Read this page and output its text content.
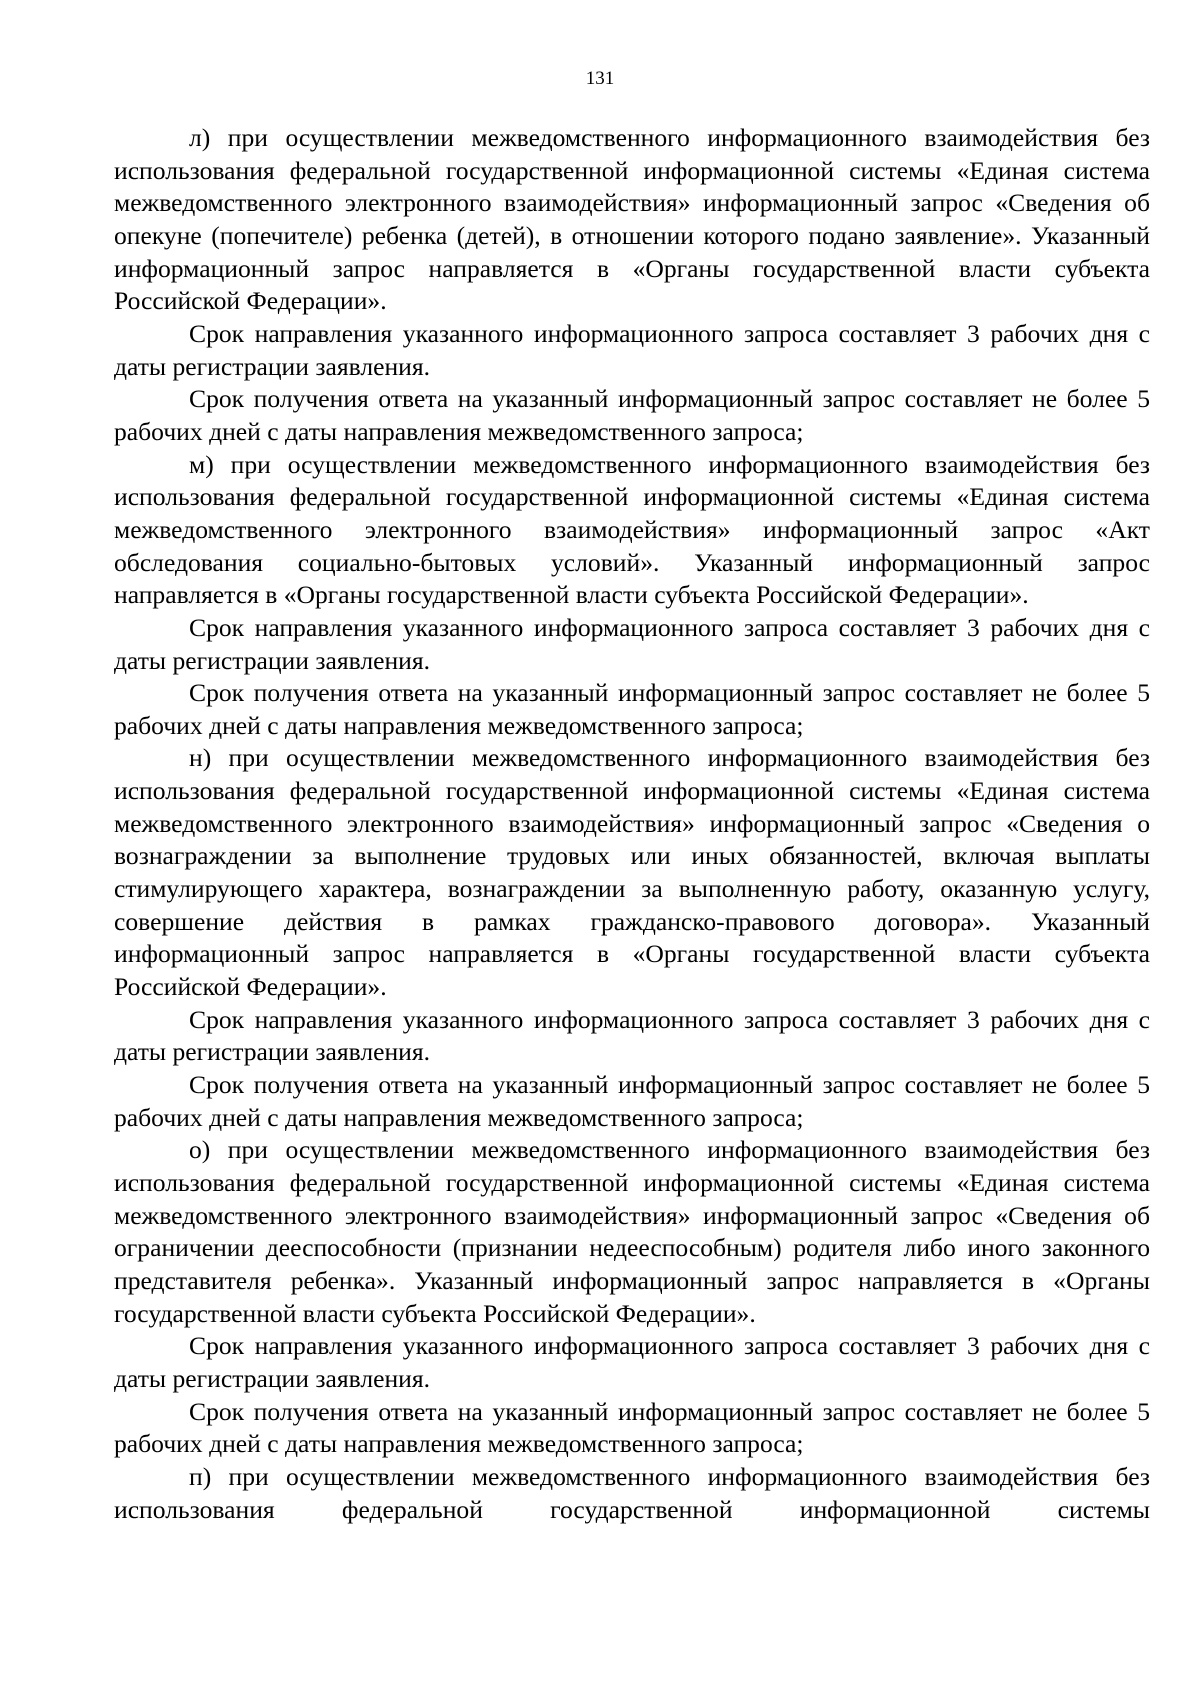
131

л) при осуществлении межведомственного информационного взаимодействия без использования федеральной государственной информационной системы «Единая система межведомственного электронного взаимодействия» информационный запрос «Сведения об опекуне (попечителе) ребенка (детей), в отношении которого подано заявление». Указанный информационный запрос направляется в «Органы государственной власти субъекта Российской Федерации».

Срок направления указанного информационного запроса составляет 3 рабочих дня с даты регистрации заявления.

Срок получения ответа на указанный информационный запрос составляет не более 5 рабочих дней с даты направления межведомственного запроса;

м) при осуществлении межведомственного информационного взаимодействия без использования федеральной государственной информационной системы «Единая система межведомственного электронного взаимодействия» информационный запрос «Акт обследования социально-бытовых условий». Указанный информационный запрос направляется в «Органы государственной власти субъекта Российской Федерации».

Срок направления указанного информационного запроса составляет 3 рабочих дня с даты регистрации заявления.

Срок получения ответа на указанный информационный запрос составляет не более 5 рабочих дней с даты направления межведомственного запроса;

н) при осуществлении межведомственного информационного взаимодействия без использования федеральной государственной информационной системы «Единая система межведомственного электронного взаимодействия» информационный запрос «Сведения о вознаграждении за выполнение трудовых или иных обязанностей, включая выплаты стимулирующего характера, вознаграждении за выполненную работу, оказанную услугу, совершение действия в рамках гражданско-правового договора». Указанный информационный запрос направляется в «Органы государственной власти субъекта Российской Федерации».

Срок направления указанного информационного запроса составляет 3 рабочих дня с даты регистрации заявления.

Срок получения ответа на указанный информационный запрос составляет не более 5 рабочих дней с даты направления межведомственного запроса;

о) при осуществлении межведомственного информационного взаимодействия без использования федеральной государственной информационной системы «Единая система межведомственного электронного взаимодействия» информационный запрос «Сведения об ограничении дееспособности (признании недееспособным) родителя либо иного законного представителя ребенка». Указанный информационный запрос направляется в «Органы государственной власти субъекта Российской Федерации».

Срок направления указанного информационного запроса составляет 3 рабочих дня с даты регистрации заявления.

Срок получения ответа на указанный информационный запрос составляет не более 5 рабочих дней с даты направления межведомственного запроса;

п) при осуществлении межведомственного информационного взаимодействия без использования федеральной государственной информационной системы
